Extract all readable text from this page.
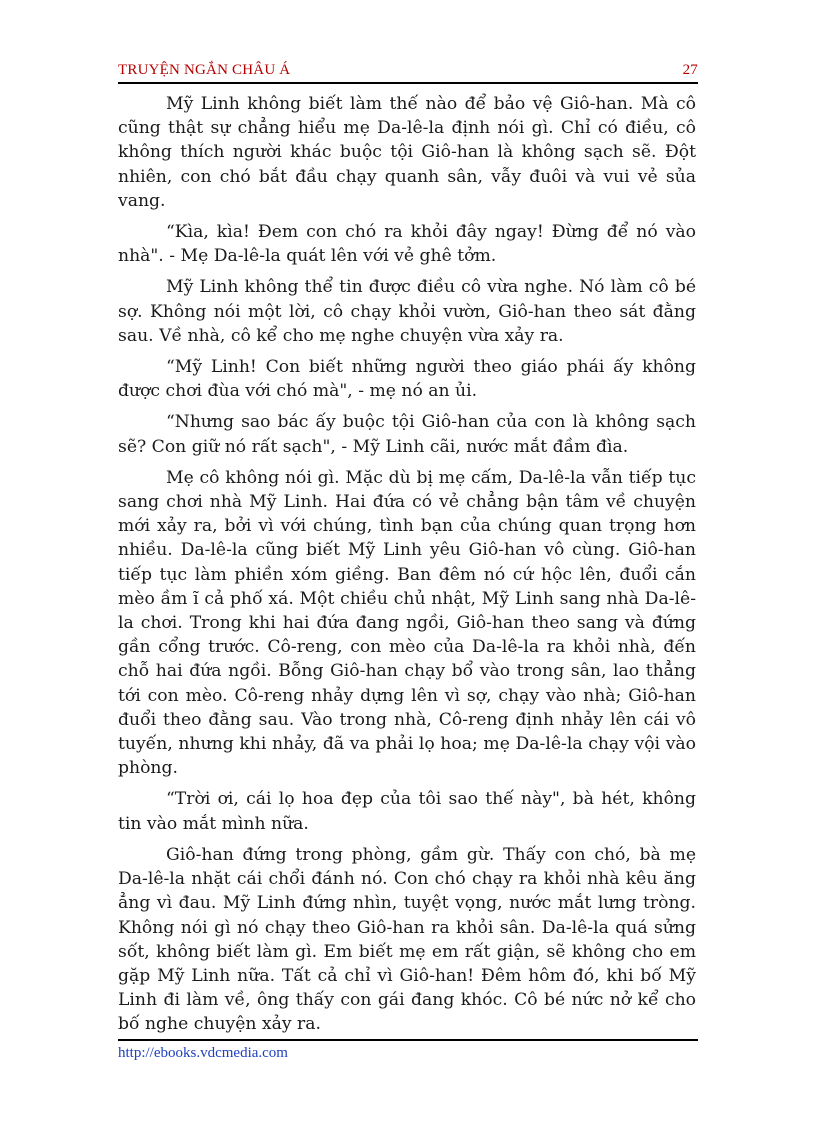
TRUYỆN NGẮN CHÂU Á	27

Mỹ Linh không biết làm thế nào để bảo vệ Giô-han. Mà cô cũng thật sự chẳng hiểu mẹ Da-lê-la định nói gì. Chỉ có điều, cô không thích người khác buộc tội Giô-han là không sạch sẽ. Đột nhiên, con chó bắt đầu chạy quanh sân, vẫy đuôi và vui vẻ sủa vang.

“Kìa, kìa! Đem con chó ra khỏi đây ngay! Đừng để nó vào nhà". - Mẹ Da-lê-la quát lên với vẻ ghê tởm.

Mỹ Linh không thể tin được điều cô vừa nghe. Nó làm cô bé sợ. Không nói một lời, cô chạy khỏi vườn, Giô-han theo sát đằng sau. Về nhà, cô kể cho mẹ nghe chuyện vừa xảy ra.

“Mỹ Linh! Con biết những người theo giáo phái ấy không được chơi đùa với chó mà", - mẹ nó an ủi.

“Nhưng sao bác ấy buộc tội Giô-han của con là không sạch sẽ? Con giữ nó rất sạch", - Mỹ Linh cãi, nước mắt đầm đìa.

Mẹ cô không nói gì. Mặc dù bị mẹ cấm, Da-lê-la vẫn tiếp tục sang chơi nhà Mỹ Linh. Hai đứa có vẻ chẳng bận tâm về chuyện mới xảy ra, bởi vì với chúng, tình bạn của chúng quan trọng hơn nhiều. Da-lê-la cũng biết Mỹ Linh yêu Giô-han vô cùng. Giô-han tiếp tục làm phiền xóm giềng. Ban đêm nó cứ hộc lên, đuổi cắn mèo ầm ĩ cả phố xá. Một chiều chủ nhật, Mỹ Linh sang nhà Da-lê-la chơi. Trong khi hai đứa đang ngồi, Giô-han theo sang và đứng gần cổng trước. Cô-reng, con mèo của Da-lê-la ra khỏi nhà, đến chỗ hai đứa ngồi. Bỗng Giô-han chạy bổ vào trong sân, lao thẳng tới con mèo. Cô-reng nhảy dựng lên vì sợ, chạy vào nhà; Giô-han đuổi theo đằng sau. Vào trong nhà, Cô-reng định nhảy lên cái vô tuyến, nhưng khi nhảy, đã va phải lọ hoa; mẹ Da-lê-la chạy vội vào phòng.

“Trời ơi, cái lọ hoa đẹp của tôi sao thế này", bà hét, không tin vào mắt mình nữa.

Giô-han đứng trong phòng, gầm gừ. Thấy con chó, bà mẹ Da-lê-la nhặt cái chổi đánh nó. Con chó chạy ra khỏi nhà kêu ăng ẳng vì đau. Mỹ Linh đứng nhìn, tuyệt vọng, nước mắt lưng tròng. Không nói gì nó chạy theo Giô-han ra khỏi sân. Da-lê-la quá sửng sốt, không biết làm gì. Em biết mẹ em rất giận, sẽ không cho em gặp Mỹ Linh nữa. Tất cả chỉ vì Giô-han! Đêm hôm đó, khi bố Mỹ Linh đi làm về, ông thấy con gái đang khóc. Cô bé nức nở kể cho bố nghe chuyện xảy ra.

http://ebooks.vdcmedia.com
